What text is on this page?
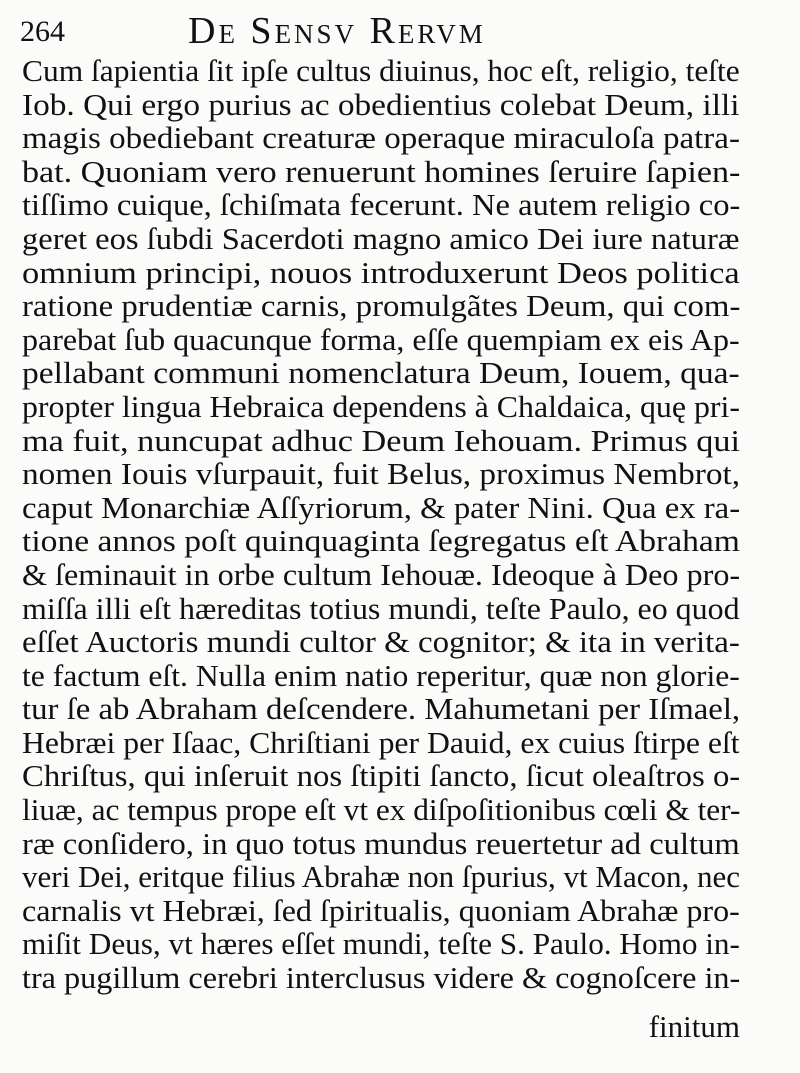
264	De Sensv Rervm
Cum ſapientia ſit ipſe cultus diuinus, hoc eſt, religio, teſte
Iob. Qui ergo purius ac obedientius colebat Deum, illi
magis obediebant creaturæ operaque miraculoſa patra-
bat. Quoniam vero renuerunt homines ſeruire ſapien-
tiſſimo cuique, ſchiſmata fecerunt. Ne autem religio co-
geret eos ſubdi Sacerdoti magno amico Dei iure naturæ
omnium principi, nouos introduxerunt Deos politica
ratione prudentiæ carnis, promulgãtes Deum, qui com-
parebat ſub quacunque forma, eſſe quempiam ex eis Ap-
pellabant communi nomenclatura Deum, Iouem, qua-
propter lingua Hebraica dependens à Chaldaica, quę pri-
ma fuit, nuncupat adhuc Deum Iehouam. Primus qui
nomen Iouis vſurpauit, fuit Belus, proximus Nembrot,
caput Monarchiæ Aſſyriorum, & pater Nini. Qua ex ra-
tione annos poſt quinquaginta ſegregatus eſt Abraham
& ſeminauit in orbe cultum Iehouæ. Ideoque à Deo pro-
miſſa illi eſt hæreditas totius mundi, teſte Paulo, eo quod
eſſet Auctoris mundi cultor & cognitor; & ita in verita-
te factum eſt. Nulla enim natio reperitur, quæ non glorie-
tur ſe ab Abraham deſcendere. Mahumetani per Iſmael,
Hebræi per Iſaac, Chriſtiani per Dauid, ex cuius ſtirpe eſt
Chriſtus, qui inſeruit nos ſtipiti ſancto, ſicut oleaſtros o-
liuæ, ac tempus prope eſt vt ex diſpoſitionibus cœli & ter-
ræ conſidero, in quo totus mundus reuertetur ad cultum
veri Dei, eritque filius Abrahæ non ſpurius, vt Macon, nec
carnalis vt Hebræi, ſed ſpiritualis, quoniam Abrahæ pro-
miſit Deus, vt hæres eſſet mundi, teſte S. Paulo. Homo in-
tra pugillum cerebri interclusus videre & cognoſcere in-
finitum
